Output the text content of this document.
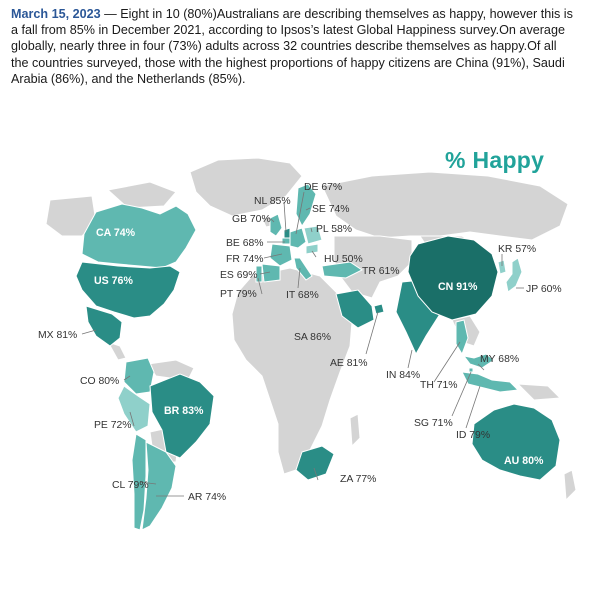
March 15, 2023 — Eight in 10 (80%)Australians are describing themselves as happy, however this is a fall from 85% in December 2021, according to Ipsos’s latest Global Happiness survey.On average globally, nearly three in four (73%) adults across 32 countries describe themselves as happy.Of all the countries surveyed, those with the highest proportions of happy citizens are China (91%), Saudi Arabia (86%), and the Netherlands (85%).
% Happy
CA 74%
US 76%
MX 81%
CO 80%
PE 72%
BR 83%
CL 79%
AR 74%
DE 67%
NL 85%
SE 74%
GB 70%
PL 58%
BE 68%
FR 74%	HU 50%
ES 69%	TR 61%
PT 79%	IT 68%
SA 86%
AE 81%
ZA 77%
KR 57%
JP 60%
CN 91%
IN 84%
MY 68%
TH 71%
SG 71%
ID 79%
AU 80%
